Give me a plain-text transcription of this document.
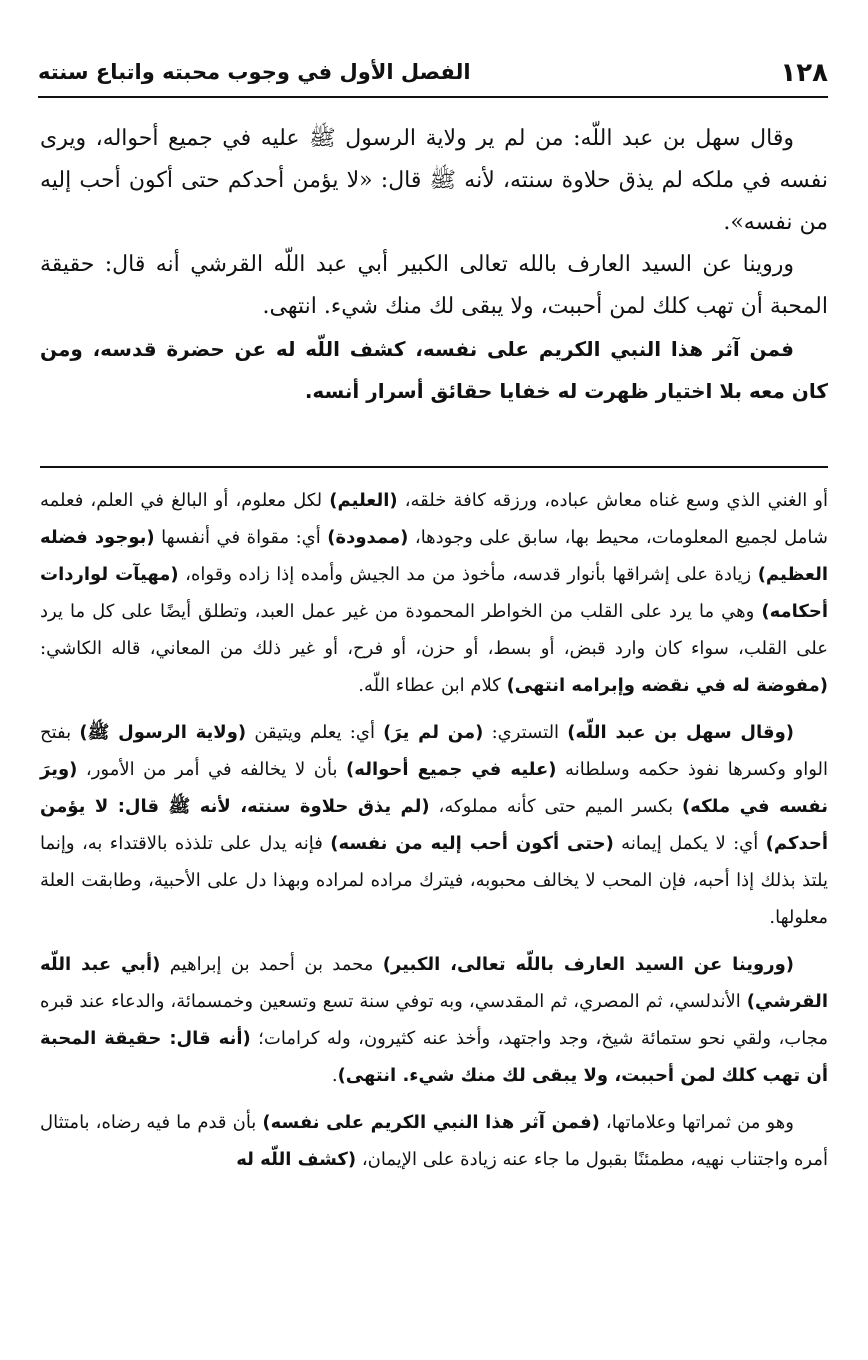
١٢٨
الفصل الأول في وجوب محبته واتباع سنته

وقال سهل بن عبد اللّه: من لم ير ولاية الرسول ﷺ عليه في جميع أحواله، ويرى نفسه في ملكه لم يذق حلاوة سنته، لأنه ﷺ قال: «لا يؤمن أحدكم حتى أكون أحب إليه من نفسه».

وروينا عن السيد العارف بالله تعالى الكبير أبي عبد اللّه القرشي أنه قال: حقيقة المحبة أن تهب كلك لمن أحببت، ولا يبقى لك منك شيء. انتهى.

فمن آثر هذا النبي الكريم على نفسه، كشف اللّه له عن حضرة قدسه، ومن كان معه بلا اختيار ظهرت له خفايا حقائق أسرار أنسه.

أو الغني الذي وسع غناه معاش عباده، ورزقه كافة خلقه، (العليم) لكل معلوم، أو البالغ في العلم، فعلمه شامل لجميع المعلومات، محيط بها، سابق على وجودها، (ممدودة) أي: مقواة في أنفسها (بوجود فضله العظيم) زيادة على إشراقها بأنوار قدسه، مأخوذ من مد الجيش وأمده إذا زاده وقواه، (مهيآت لواردات أحكامه) وهي ما يرد على القلب من الخواطر المحمودة من غير عمل العبد، وتطلق أيضًا على كل ما يرد على القلب، سواء كان وارد قبض، أو بسط، أو حزن، أو فرح، أو غير ذلك من المعاني، قاله الكاشي: (مفوضة له في نقضه وإبرامه انتهى) كلام ابن عطاء اللّه.

(وقال سهل بن عبد اللّه) التستري: (من لم يرَ) أي: يعلم ويتيقن (ولاية الرسول ﷺ) بفتح الواو وكسرها نفوذ حكمه وسلطانه (عليه في جميع أحواله) بأن لا يخالفه في أمر من الأمور، (ويرَ نفسه في ملكه) بكسر الميم حتى كأنه مملوكه، (لم يذق حلاوة سنته، لأنه ﷺ قال: لا يؤمن أحدكم) أي: لا يكمل إيمانه (حتى أكون أحب إليه من نفسه) فإنه يدل على تلذذه بالاقتداء به، وإنما يلتذ بذلك إذا أحبه، فإن المحب لا يخالف محبوبه، فيترك مراده لمراده وبهذا دل على الأحبية، وطابقت العلة معلولها.

(وروينا عن السيد العارف باللّه تعالى، الكبير) محمد بن أحمد بن إبراهيم (أبي عبد اللّه القرشي) الأندلسي، ثم المصري، ثم المقدسي، وبه توفي سنة تسع وتسعين وخمسمائة، والدعاء عند قبره مجاب، ولقي نحو ستمائة شيخ، وجد واجتهد، وأخذ عنه كثيرون، وله كرامات؛ (أنه قال: حقيقة المحبة أن تهب كلك لمن أحببت، ولا يبقى لك منك شيء. انتهى).

وهو من ثمراتها وعلاماتها، (فمن آثر هذا النبي الكريم على نفسه) بأن قدم ما فيه رضاه، بامتثال أمره واجتناب نهيه، مطمئنًا بقبول ما جاء عنه زيادة على الإيمان، (كشف اللّه له
